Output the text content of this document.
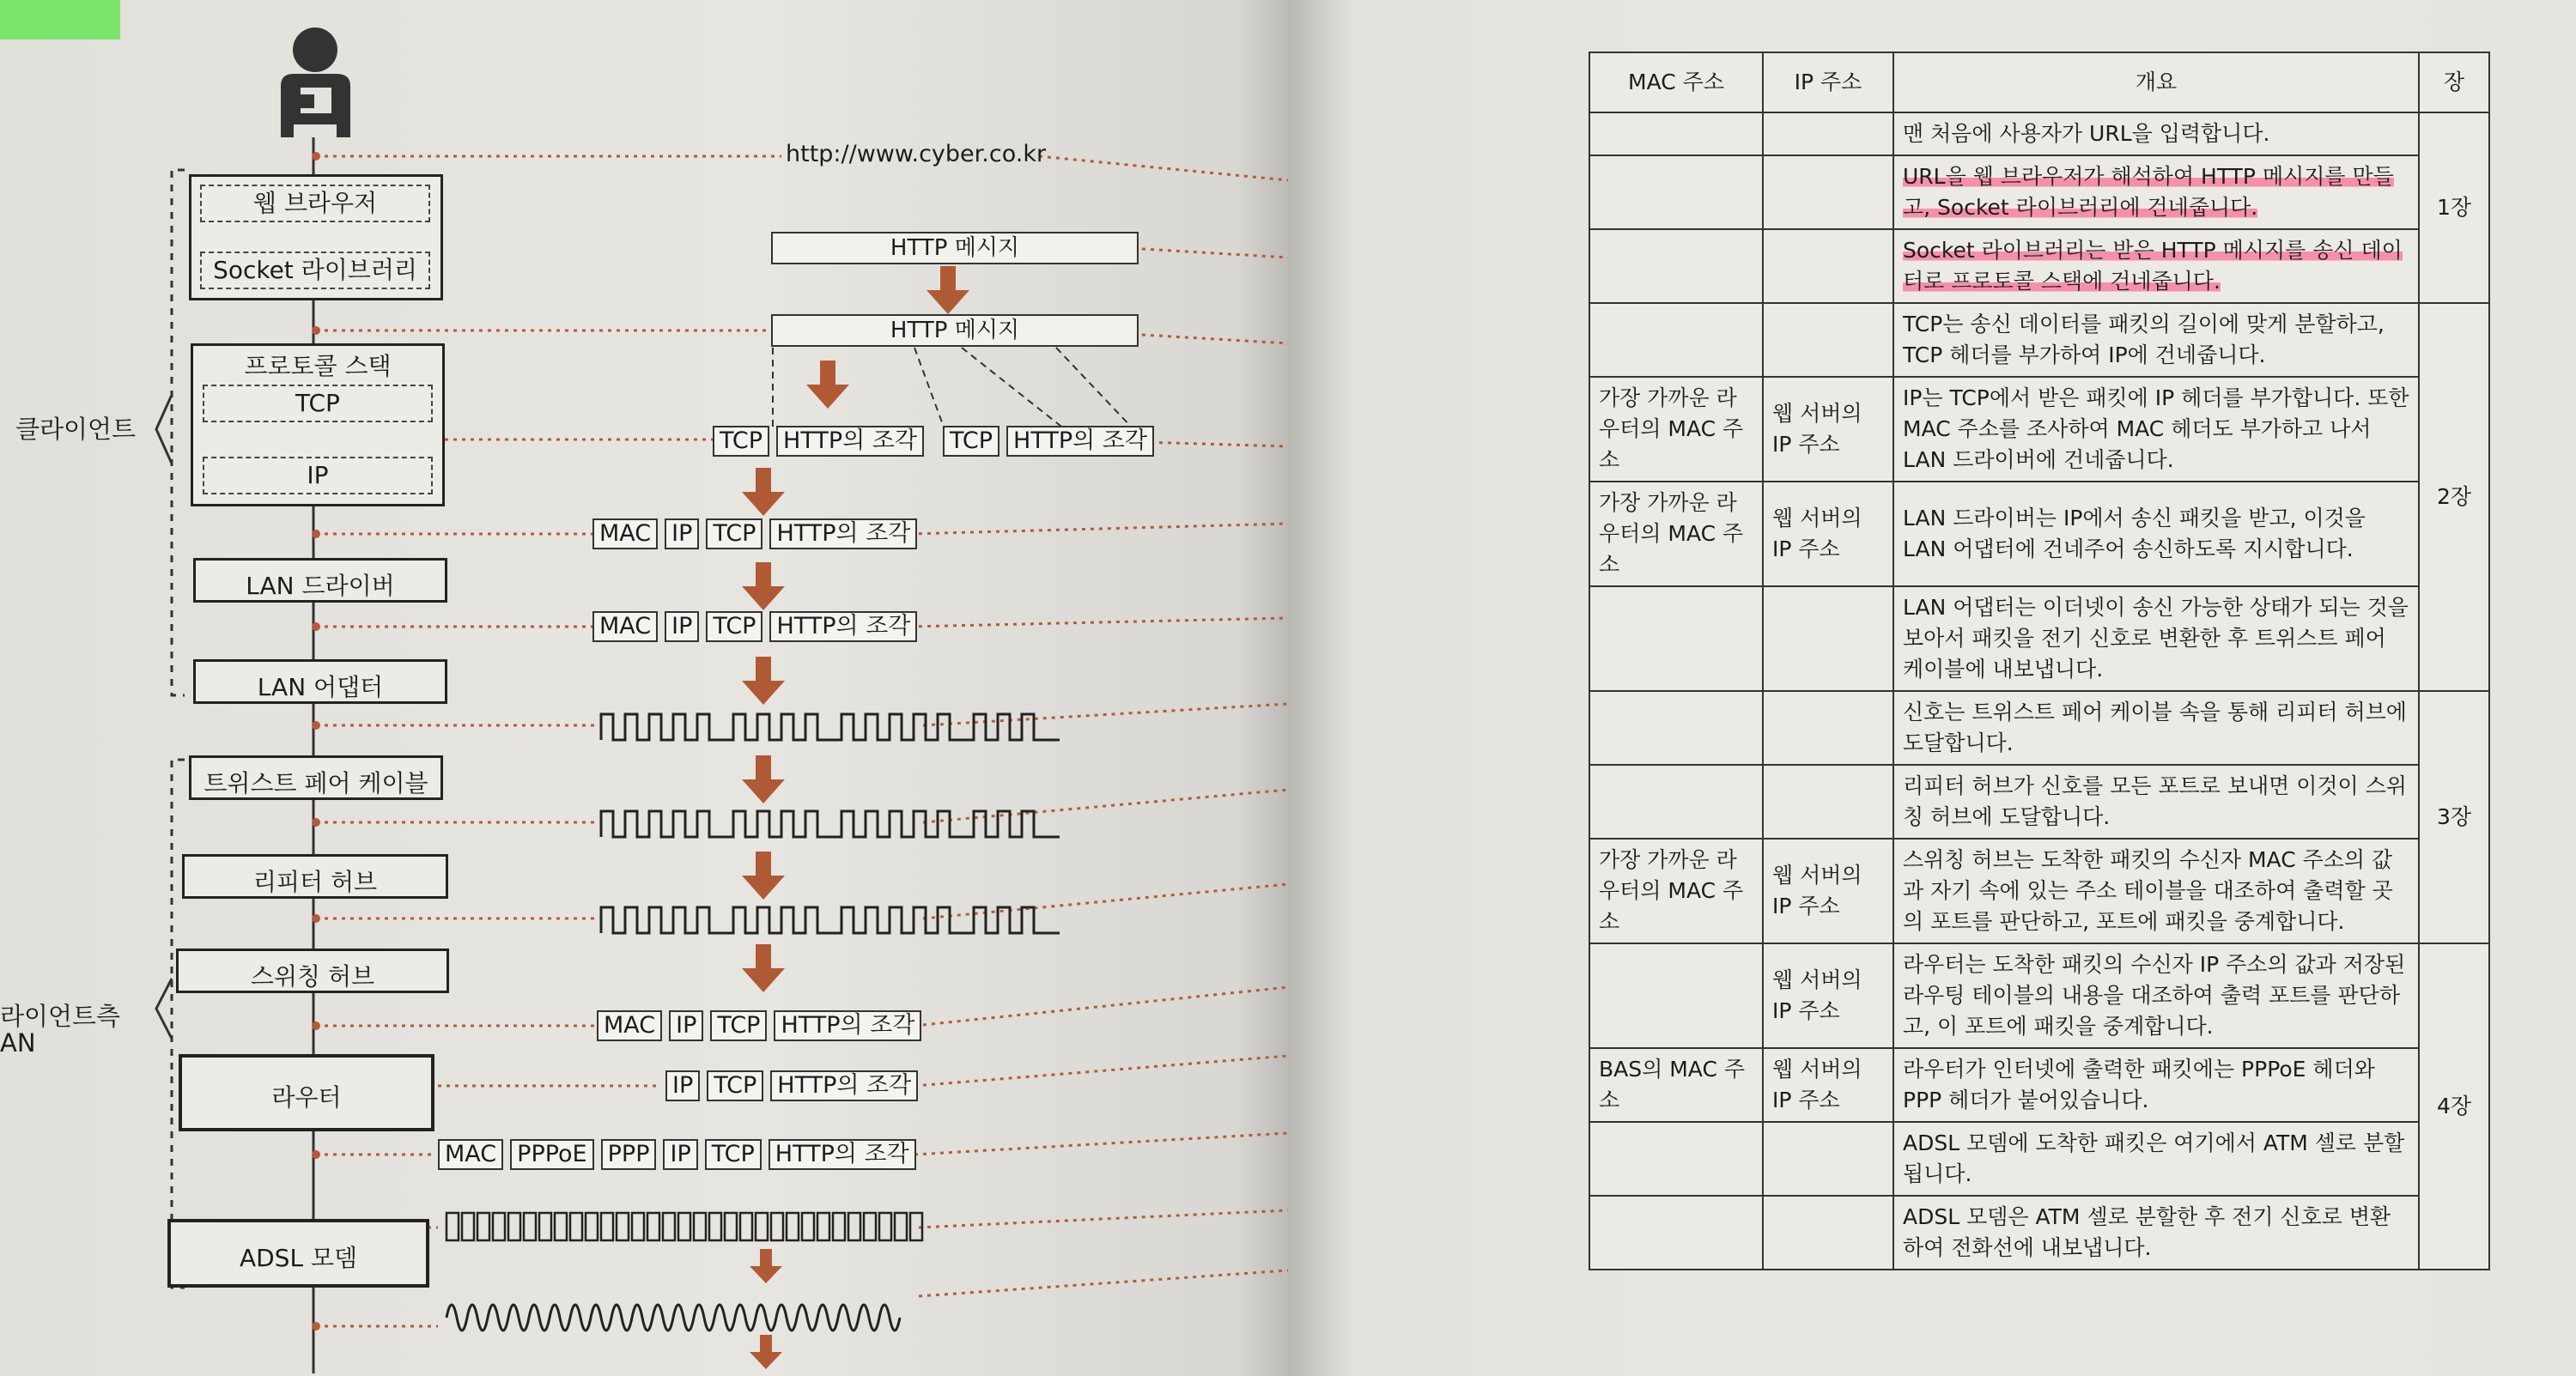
http://www.cyber.co.kr
웹 브라우저
Socket 라이브러리
프로토콜 스택
TCP
IP
LAN 드라이버
LAN 어댑터
트위스트 페어 케이블
리피터 허브
스위칭 허브
라우터
ADSL 모뎀
클라이언트
라이언트측
AN
HTTP 메시지
HTTP 메시지
TCP HTTP의 조각 TCP HTTP의 조각
MAC IP TCP HTTP의 조각
MAC IP TCP HTTP의 조각
MAC IP TCP HTTP의 조각
IP TCP HTTP의 조각
MAC PPPoE PPP IP TCP HTTP의 조각
MAC 주소	IP 주소	개요	장
		맨 처음에 사용자가 URL을 입력합니다.	1장
		URL을 웹 브라우저가 해석하여 HTTP 메시지를 만들고, Socket 라이브러리에 건네줍니다.	
		Socket 라이브러리는 받은 HTTP 메시지를 송신 데이터로 프로토콜 스택에 건네줍니다.	
		TCP는 송신 데이터를 패킷의 길이에 맞게 분할하고, TCP 헤더를 부가하여 IP에 건네줍니다.	2장
가장 가까운 라우터의 MAC 주소	웹 서버의 IP 주소	IP는 TCP에서 받은 패킷에 IP 헤더를 부가합니다. 또한 MAC 주소를 조사하여 MAC 헤더도 부가하고 나서 LAN 드라이버에 건네줍니다.	
가장 가까운 라우터의 MAC 주소	웹 서버의 IP 주소	LAN 드라이버는 IP에서 송신 패킷을 받고, 이것을 LAN 어댑터에 건네주어 송신하도록 지시합니다.	
		LAN 어댑터는 이더넷이 송신 가능한 상태가 되는 것을 보아서 패킷을 전기 신호로 변환한 후 트위스트 페어 케이블에 내보냅니다.	
		신호는 트위스트 페어 케이블 속을 통해 리피터 허브에 도달합니다.	3장
		리피터 허브가 신호를 모든 포트로 보내면 이것이 스위칭 허브에 도달합니다.	
가장 가까운 라우터의 MAC 주소	웹 서버의 IP 주소	스위칭 허브는 도착한 패킷의 수신자 MAC 주소의 값과 자기 속에 있는 주소 테이블을 대조하여 출력할 곳의 포트를 판단하고, 포트에 패킷을 중계합니다.	
	웹 서버의 IP 주소	라우터는 도착한 패킷의 수신자 IP 주소의 값과 저장된 라우팅 테이블의 내용을 대조하여 출력 포트를 판단하고, 이 포트에 패킷을 중계합니다.	4장
BAS의 MAC 주소	웹 서버의 IP 주소	라우터가 인터넷에 출력한 패킷에는 PPPoE 헤더와 PPP 헤더가 붙어있습니다.	
		ADSL 모뎀에 도착한 패킷은 여기에서 ATM 셀로 분할됩니다.	
		ADSL 모뎀은 ATM 셀로 분할한 후 전기 신호로 변환하여 전화선에 내보냅니다.	
